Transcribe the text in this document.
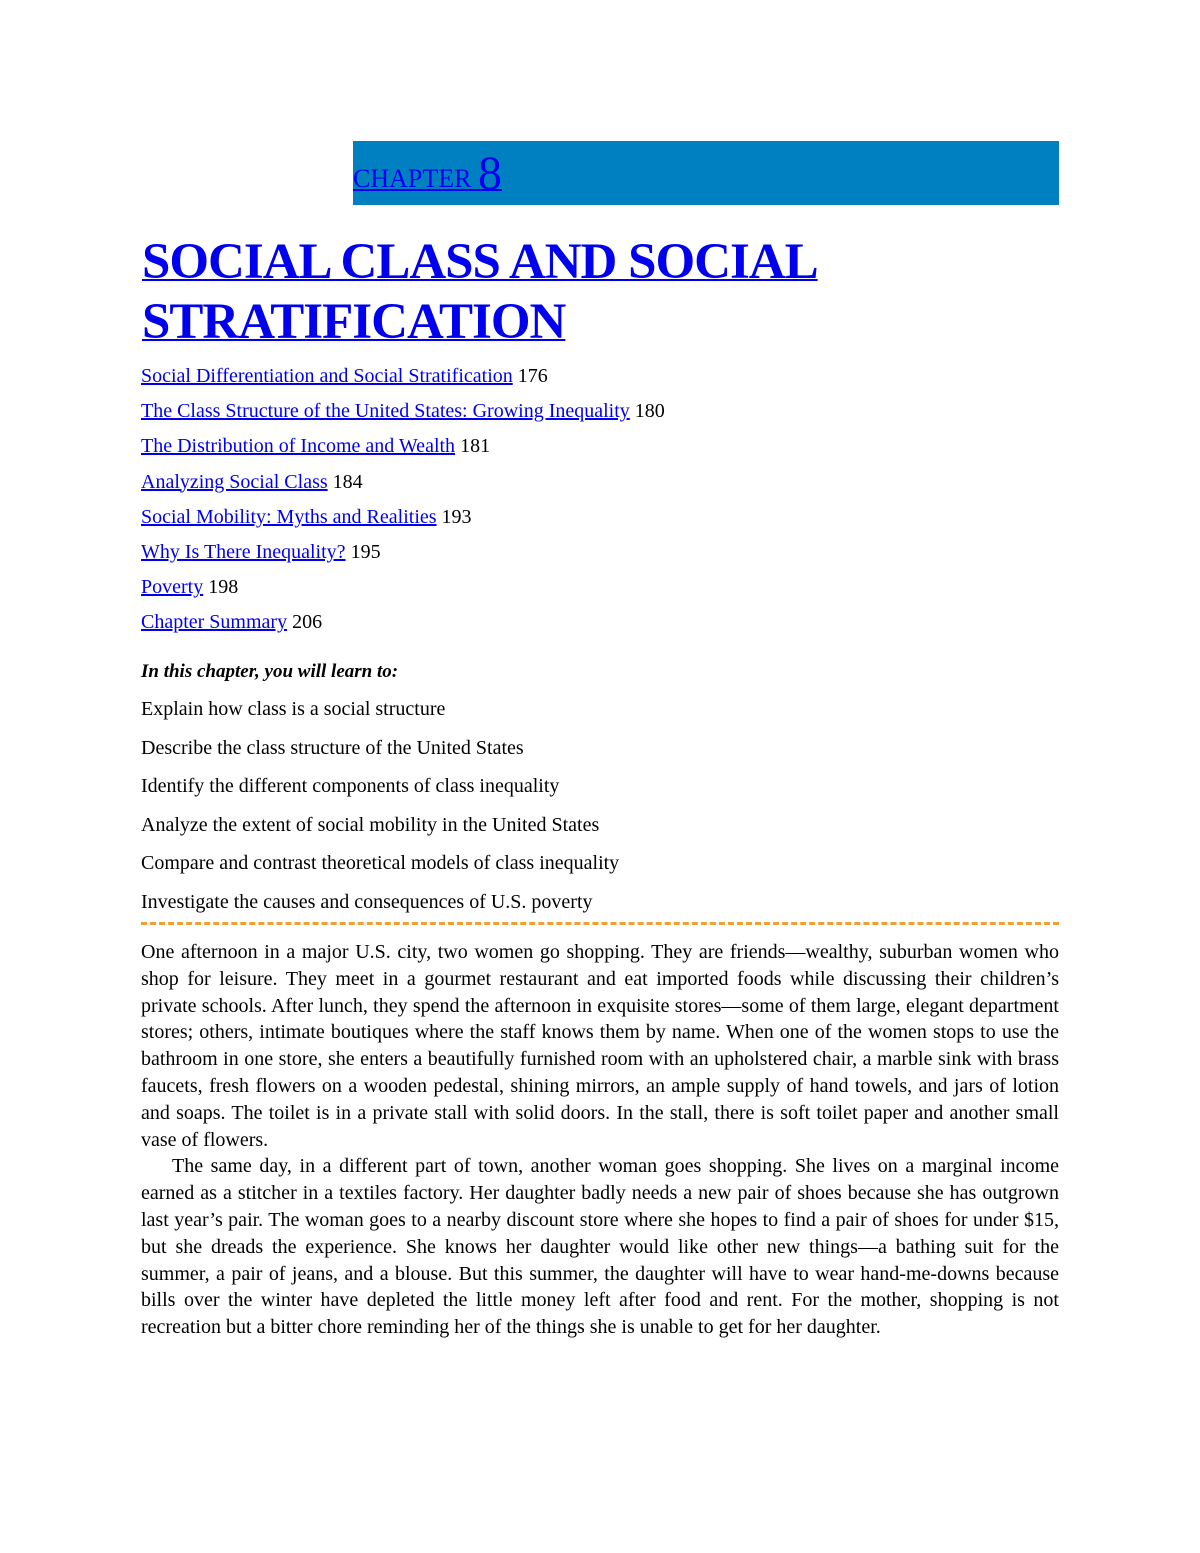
CHAPTER 8
SOCIAL CLASS AND SOCIAL STRATIFICATION
Social Differentiation and Social Stratification 176
The Class Structure of the United States: Growing Inequality 180
The Distribution of Income and Wealth 181
Analyzing Social Class 184
Social Mobility: Myths and Realities 193
Why Is There Inequality? 195
Poverty 198
Chapter Summary 206

In this chapter, you will learn to:

Explain how class is a social structure
Describe the class structure of the United States
Identify the different components of class inequality
Analyze the extent of social mobility in the United States
Compare and contrast theoretical models of class inequality
Investigate the causes and consequences of U.S. poverty

One afternoon in a major U.S. city, two women go shopping. They are friends—wealthy, suburban women who shop for leisure. They meet in a gourmet restaurant and eat imported foods while discussing their children’s private schools. After lunch, they spend the afternoon in exquisite stores—some of them large, elegant department stores; others, intimate boutiques where the staff knows them by name. When one of the women stops to use the bathroom in one store, she enters a beautifully furnished room with an upholstered chair, a marble sink with brass faucets, fresh flowers on a wooden pedestal, shining mirrors, an ample supply of hand towels, and jars of lotion and soaps. The toilet is in a private stall with solid doors. In the stall, there is soft toilet paper and another small vase of flowers.

The same day, in a different part of town, another woman goes shopping. She lives on a marginal income earned as a stitcher in a textiles factory. Her daughter badly needs a new pair of shoes because she has outgrown last year’s pair. The woman goes to a nearby discount store where she hopes to find a pair of shoes for under $15, but she dreads the experience. She knows her daughter would like other new things—a bathing suit for the summer, a pair of jeans, and a blouse. But this summer, the daughter will have to wear hand-me-downs because bills over the winter have depleted the little money left after food and rent. For the mother, shopping is not recreation but a bitter chore reminding her of the things she is unable to get for her daughter.
